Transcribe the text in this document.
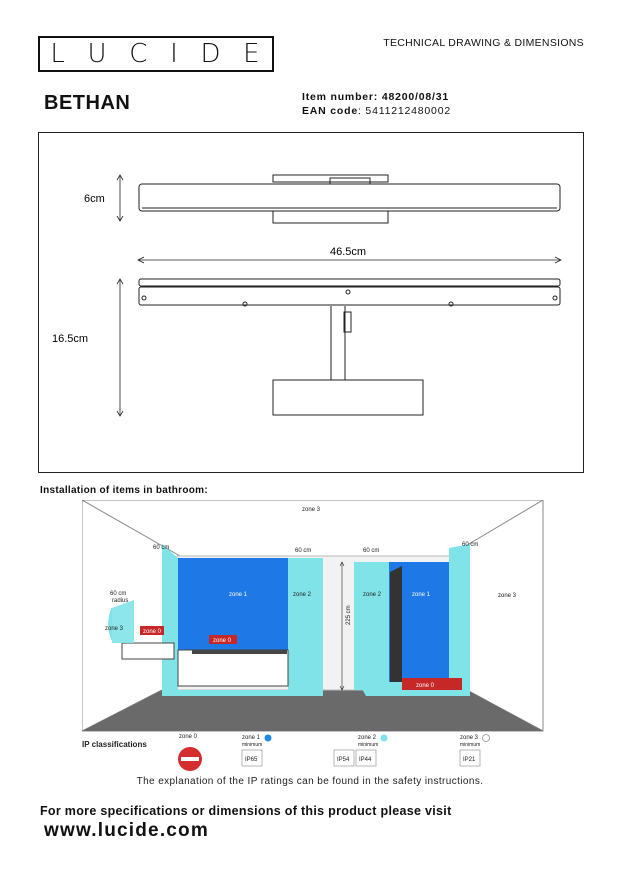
L U C I D E	TECHNICAL DRAWING & DIMENSIONS
BETHAN	Item number: 48200/08/31
EAN code: 5411212480002
6cm
46.5cm
16.5cm
Installation of items in bathroom:
zone 3
zone 3
zone 3
zone 1	zone 2	zone 2	zone 1
60 cm	60 cm	60 cm
60 cm
60 cm
radius
zone 0
zone 0
zone 0
225 cm
IP classifications
zone 0	zone 1
minimum
IP65
zone 2
minimum
IP54 IP44
zone 3
minimum
IP21
The explanation of the IP ratings can be found in the safety instructions.
For more specifications or dimensions of this product please visit
www.lucide.com
